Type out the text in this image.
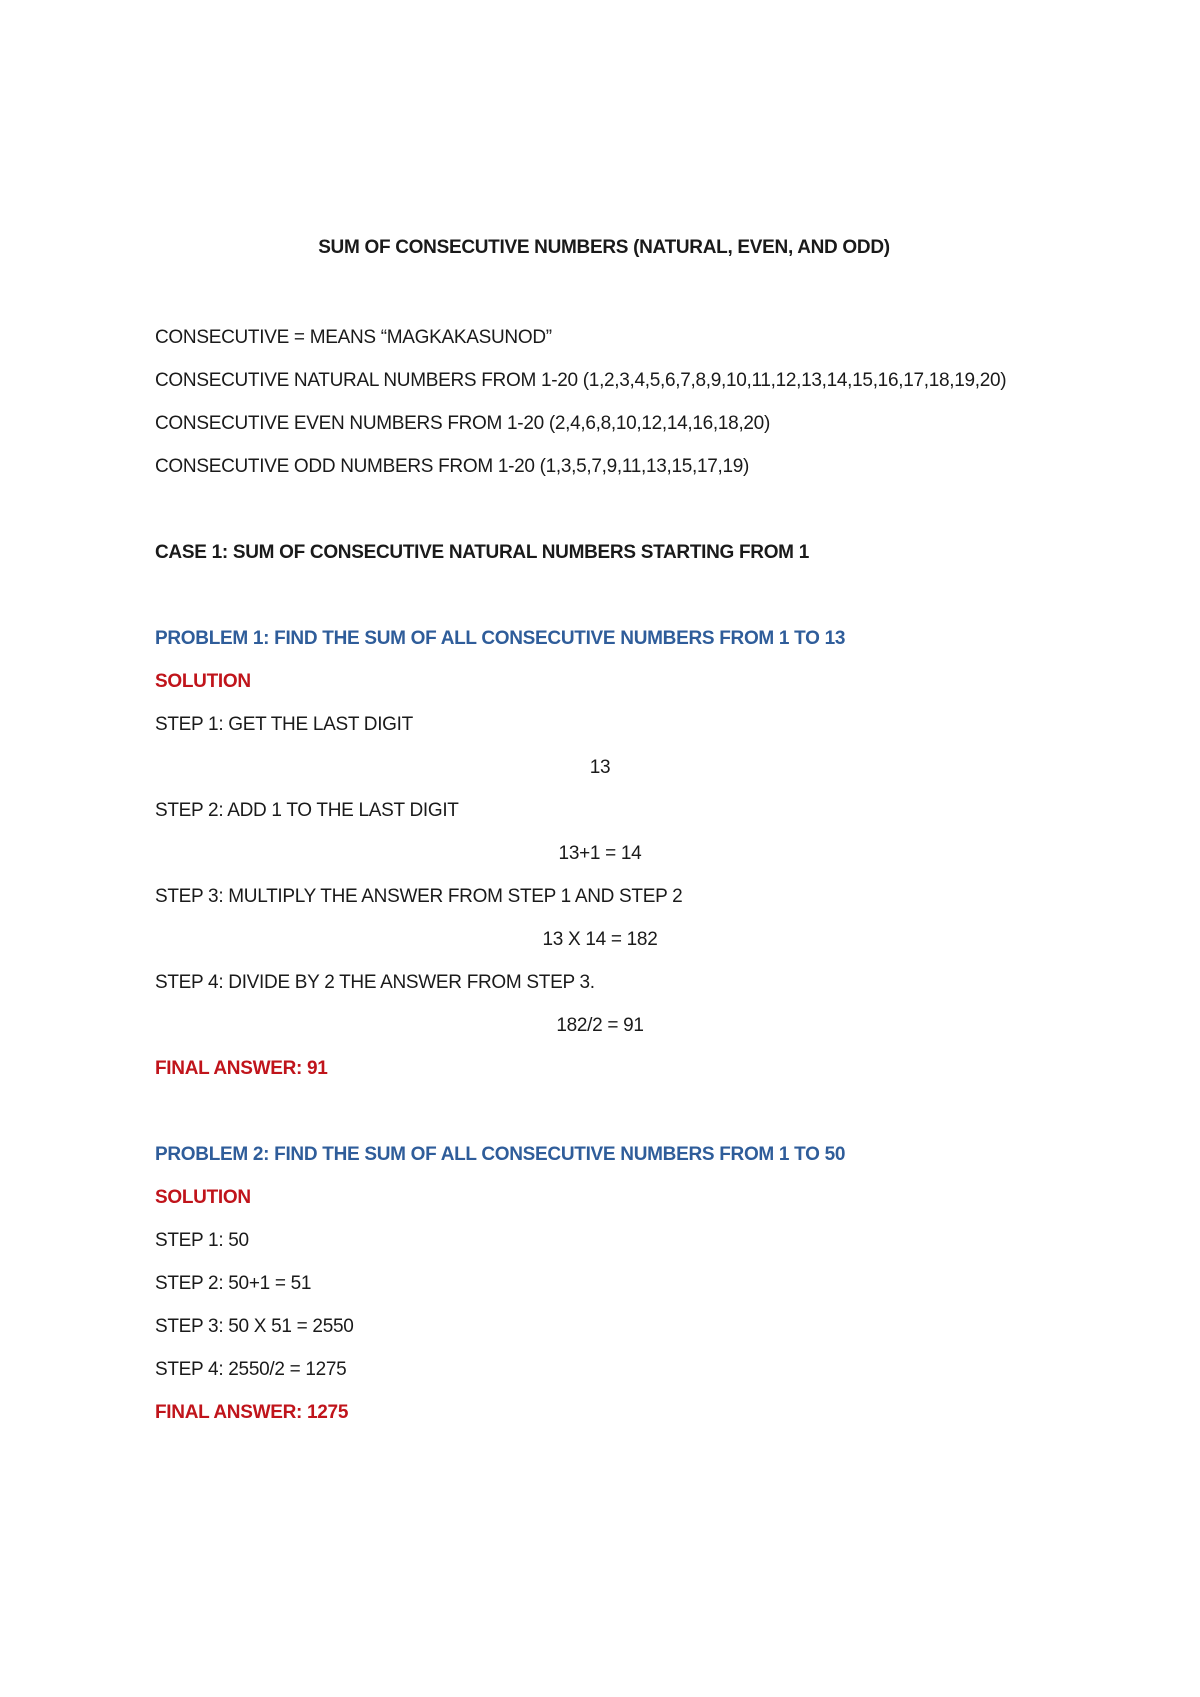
SUM OF CONSECUTIVE NUMBERS (NATURAL, EVEN, AND ODD)
CONSECUTIVE = MEANS “MAGKAKASUNOD”
CONSECUTIVE NATURAL NUMBERS FROM 1-20 (1,2,3,4,5,6,7,8,9,10,11,12,13,14,15,16,17,18,19,20)
CONSECUTIVE EVEN NUMBERS FROM 1-20 (2,4,6,8,10,12,14,16,18,20)
CONSECUTIVE ODD NUMBERS FROM 1-20 (1,3,5,7,9,11,13,15,17,19)
CASE 1: SUM OF CONSECUTIVE NATURAL NUMBERS STARTING FROM 1
PROBLEM 1: FIND THE SUM OF ALL CONSECUTIVE NUMBERS FROM 1 TO 13
SOLUTION
STEP 1: GET THE LAST DIGIT
13
STEP 2: ADD 1 TO THE LAST DIGIT
13+1 = 14
STEP 3: MULTIPLY THE ANSWER FROM STEP 1 AND STEP 2
13 X 14 = 182
STEP 4: DIVIDE BY 2 THE ANSWER FROM STEP 3.
182/2 = 91
FINAL ANSWER: 91
PROBLEM 2: FIND THE SUM OF ALL CONSECUTIVE NUMBERS FROM 1 TO 50
SOLUTION
STEP 1: 50
STEP 2: 50+1 = 51
STEP 3: 50 X 51 = 2550
STEP 4: 2550/2 = 1275
FINAL ANSWER: 1275
